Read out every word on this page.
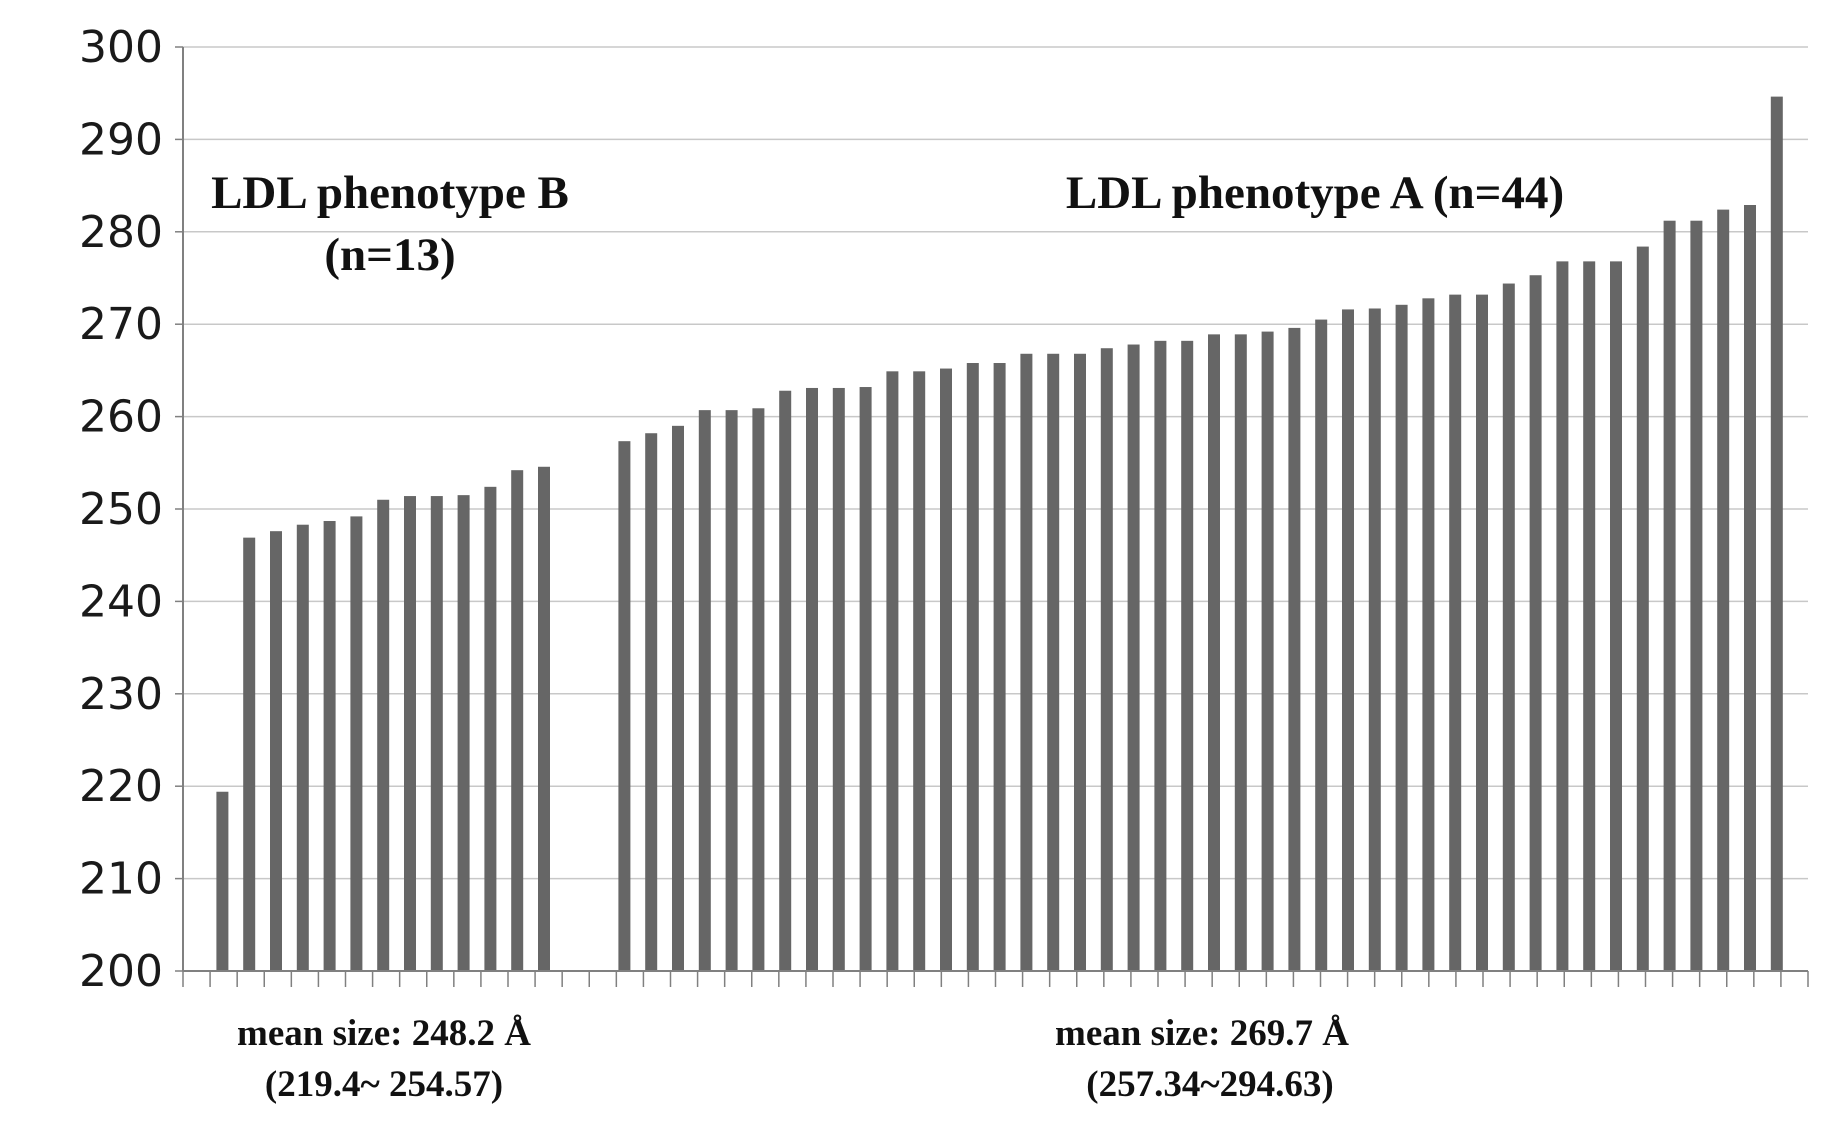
200
210
220
230
240
250
260
270
280
290
300
LDL phenotype B
(n=13)
LDL phenotype A (n=44)
mean size: 248.2 Å
(219.4~ 254.57)
mean size: 269.7 Å
(257.34~294.63)
